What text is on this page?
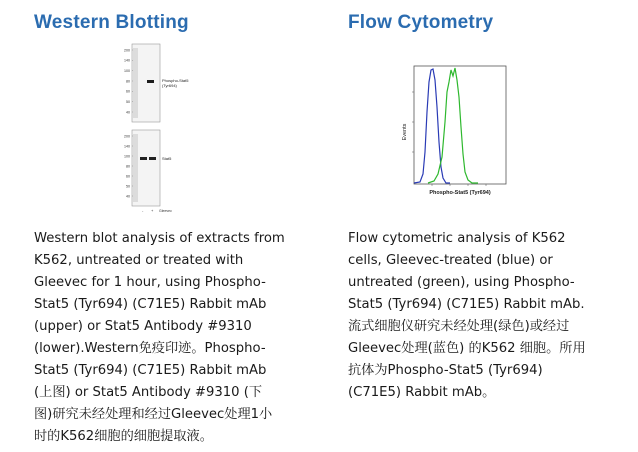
Western Blotting
200
140
100
80
60
50
40
200
140
100
80
60
50
40
Phospho-Stat5
(Tyr694)
Stat5
- + Gleevec
Western blot analysis of extracts from
K562, untreated or treated with
Gleevec for 1 hour, using Phospho-
Stat5 (Tyr694) (C71E5) Rabbit mAb
(upper) or Stat5 Antibody #9310
(lower).Western免疫印迹。Phospho-
Stat5 (Tyr694) (C71E5) Rabbit mAb
(上图) or Stat5 Antibody #9310 (下
图)研究未经处理和经过Gleevec处理1小
时的K562细胞的细胞提取液。
Flow Cytometry
Events
Phospho-Stat5 (Tyr694)
Flow cytometric analysis of K562
cells, Gleevec-treated (blue) or
untreated (green), using Phospho-
Stat5 (Tyr694) (C71E5) Rabbit mAb.
流式细胞仪研究未经处理(绿色)或经过
Gleevec处理(蓝色) 的K562 细胞。所用
抗体为Phospho-Stat5 (Tyr694)
(C71E5) Rabbit mAb。
